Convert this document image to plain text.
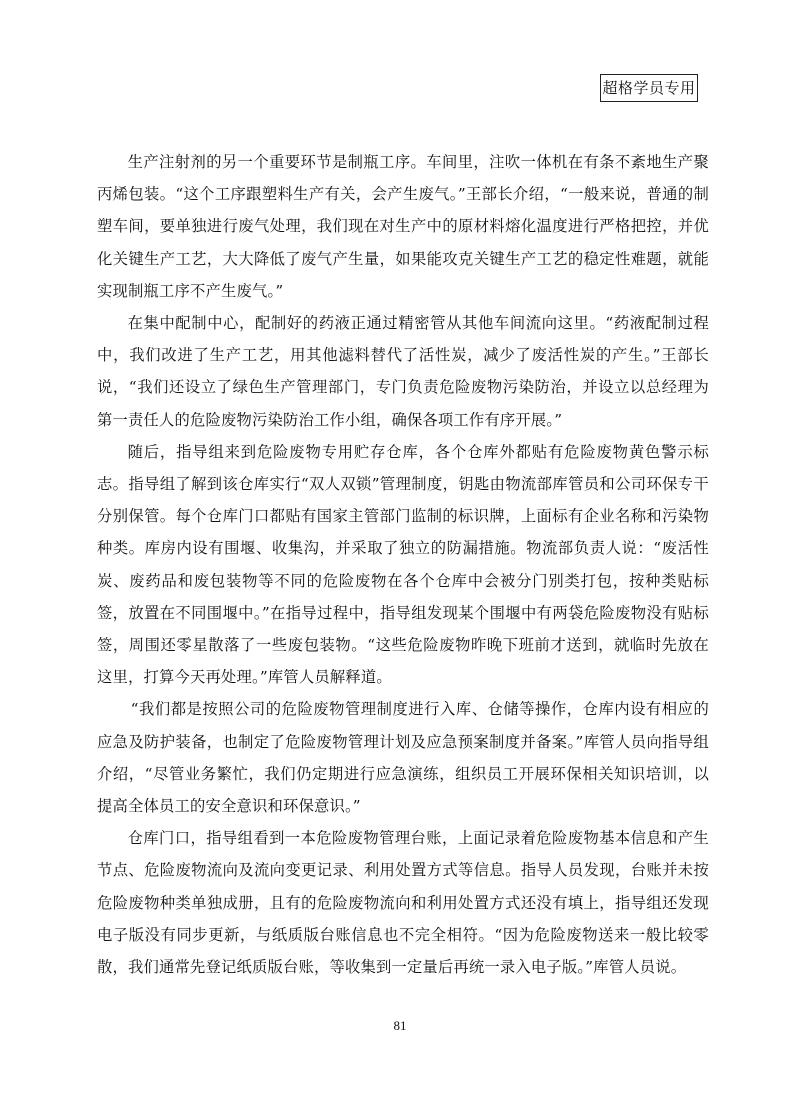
超格学员专用

生产注射剂的另一个重要环节是制瓶工序。车间里，注吹一体机在有条不紊地生产聚丙烯包装。“这个工序跟塑料生产有关，会产生废气。”王部长介绍，“一般来说，普通的制塑车间，要单独进行废气处理，我们现在对生产中的原材料熔化温度进行严格把控，并优化关键生产工艺，大大降低了废气产生量，如果能攻克关键生产工艺的稳定性难题，就能实现制瓶工序不产生废气。”

在集中配制中心，配制好的药液正通过精密管从其他车间流向这里。“药液配制过程中，我们改进了生产工艺，用其他滤料替代了活性炭，减少了废活性炭的产生。”王部长说，“我们还设立了绿色生产管理部门，专门负责危险废物污染防治，并设立以总经理为第一责任人的危险废物污染防治工作小组，确保各项工作有序开展。”

随后，指导组来到危险废物专用贮存仓库，各个仓库外都贴有危险废物黄色警示标志。指导组了解到该仓库实行“双人双锁”管理制度，钥匙由物流部库管员和公司环保专干分别保管。每个仓库门口都贴有国家主管部门监制的标识牌，上面标有企业名称和污染物种类。库房内设有围堰、收集沟，并采取了独立的防漏措施。物流部负责人说：“废活性炭、废药品和废包装物等不同的危险废物在各个仓库中会被分门别类打包，按种类贴标签，放置在不同围堰中。”在指导过程中，指导组发现某个围堰中有两袋危险废物没有贴标签，周围还零星散落了一些废包装物。“这些危险废物昨晚下班前才送到，就临时先放在这里，打算今天再处理。”库管人员解释道。

“我们都是按照公司的危险废物管理制度进行入库、仓储等操作，仓库内设有相应的应急及防护装备，也制定了危险废物管理计划及应急预案制度并备案。”库管人员向指导组介绍，“尽管业务繁忙，我们仍定期进行应急演练，组织员工开展环保相关知识培训，以提高全体员工的安全意识和环保意识。”

仓库门口，指导组看到一本危险废物管理台账，上面记录着危险废物基本信息和产生节点、危险废物流向及流向变更记录、利用处置方式等信息。指导人员发现，台账并未按危险废物种类单独成册，且有的危险废物流向和利用处置方式还没有填上，指导组还发现电子版没有同步更新，与纸质版台账信息也不完全相符。“因为危险废物送来一般比较零散，我们通常先登记纸质版台账，等收集到一定量后再统一录入电子版。”库管人员说。

81
